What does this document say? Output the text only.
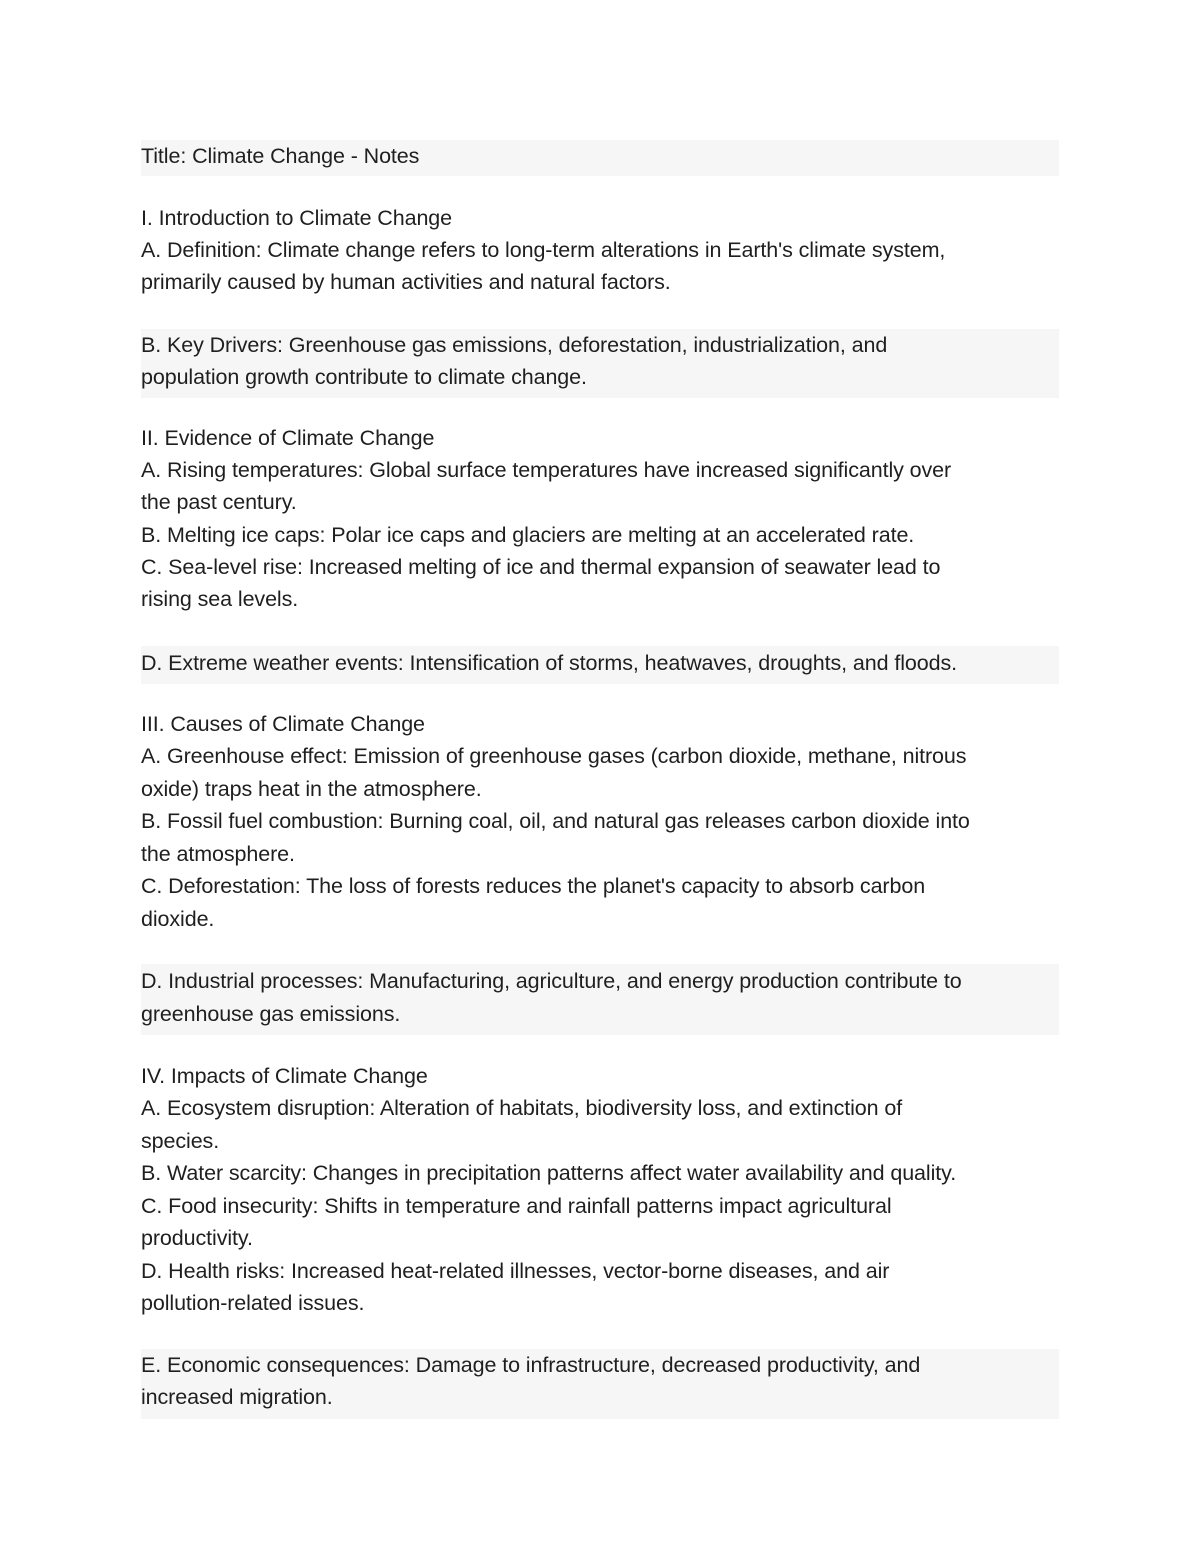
Title: Climate Change - Notes
I. Introduction to Climate Change
A. Definition: Climate change refers to long-term alterations in Earth's climate system,
primarily caused by human activities and natural factors.
B. Key Drivers: Greenhouse gas emissions, deforestation, industrialization, and
population growth contribute to climate change.
II. Evidence of Climate Change
A. Rising temperatures: Global surface temperatures have increased significantly over
the past century.
B. Melting ice caps: Polar ice caps and glaciers are melting at an accelerated rate.
C. Sea-level rise: Increased melting of ice and thermal expansion of seawater lead to
rising sea levels.
D. Extreme weather events: Intensification of storms, heatwaves, droughts, and floods.
III. Causes of Climate Change
A. Greenhouse effect: Emission of greenhouse gases (carbon dioxide, methane, nitrous
oxide) traps heat in the atmosphere.
B. Fossil fuel combustion: Burning coal, oil, and natural gas releases carbon dioxide into
the atmosphere.
C. Deforestation: The loss of forests reduces the planet's capacity to absorb carbon
dioxide.
D. Industrial processes: Manufacturing, agriculture, and energy production contribute to
greenhouse gas emissions.
IV. Impacts of Climate Change
A. Ecosystem disruption: Alteration of habitats, biodiversity loss, and extinction of
species.
B. Water scarcity: Changes in precipitation patterns affect water availability and quality.
C. Food insecurity: Shifts in temperature and rainfall patterns impact agricultural
productivity.
D. Health risks: Increased heat-related illnesses, vector-borne diseases, and air
pollution-related issues.
E. Economic consequences: Damage to infrastructure, decreased productivity, and
increased migration.
